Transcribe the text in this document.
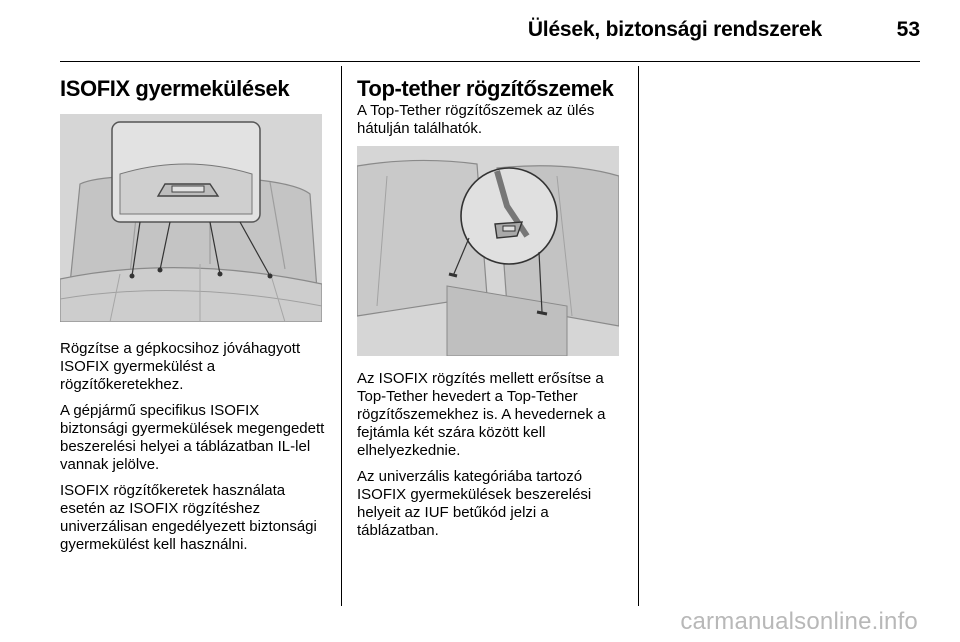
Ülések, biztonsági rendszerek	53
ISOFIX gyermekülések

Rögzítse a gépkocsihoz jóváhagyott ISOFIX gyermekülést a rögzítőkeretekhez.

A gépjármű specifikus ISOFIX biztonsági gyermekülések megengedett beszerelési helyei a táblázatban IL-lel vannak jelölve.

ISOFIX rögzítőkeretek használata esetén az ISOFIX rögzítéshez univerzálisan engedélyezett biztonsági gyermekülést kell használni.

Top-tether rögzítőszemek

A Top-Tether rögzítőszemek az ülés hátulján találhatók.

Az ISOFIX rögzítés mellett erősítse a Top-Tether hevedert a Top-Tether rögzítőszemekhez is. A hevedernek a fejtámla két szára között kell elhelyezkednie.

Az univerzális kategóriába tartozó ISOFIX gyermekülések beszerelési helyeit az IUF betűkód jelzi a táblázatban.

carmanualsonline.info
